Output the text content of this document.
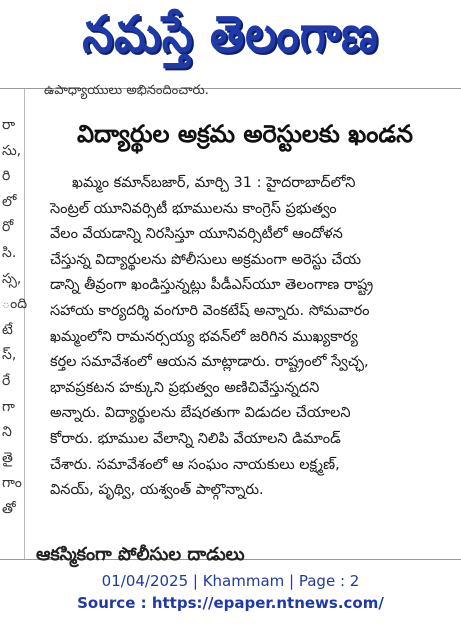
నమస్తే తెలంగాణ
ఉపాధ్యాయులు అభినందించారు.
రా
సు,
రి
లో
రో
సి.
స్స,
ంది
టే
స్,
రే
గా
ని
తై
గాం
తో
విద్యార్థుల అక్రమ అరెస్టులకు ఖండన
ఖమ్మం కమాన్‌బజార్, మార్చి 31 : హైదరాబాద్‌లోని
సెంట్రల్ యూనివర్సిటీ భూములను కాంగ్రెస్ ప్రభుత్వం
వేలం వేయడాన్ని నిరసిస్తూ యూనివర్సిటీలో ఆందోళన
చేస్తున్న విద్యార్థులను పోలీసులు అక్రమంగా అరెస్టు చేయ
డాన్ని తీవ్రంగా ఖండిస్తున్నట్లు పీడీఎస్‌యూ తెలంగాణ రాష్ట్ర
సహాయ కార్యదర్శి వంగూరి వెంకటేష్ అన్నారు. సోమవారం
ఖమ్మంలోని రామనర్సయ్య భవన్‌లో జరిగిన ముఖ్యకార్య
కర్తల సమావేశంలో ఆయన మాట్లాడారు. రాష్ట్రంలో స్వేచ్ఛ,
భావప్రకటన హక్కుని ప్రభుత్వం అణిచివేస్తున్నదని
అన్నారు. విద్యార్థులను బేషరతుగా విడుదల చేయాలని
కోరారు. భూముల వేలాన్ని నిలిపి వేయాలని డిమాండ్
చేశారు. సమావేశంలో ఆ సంఘం నాయకులు లక్ష్మణ్,
వినయ్, పృథ్వి, యశ్వంత్ పాల్గొన్నారు.
ఆకస్మికంగా పోలీసుల దాడులు
01/04/2025 | Khammam | Page : 2
Source : https://epaper.ntnews.com/
